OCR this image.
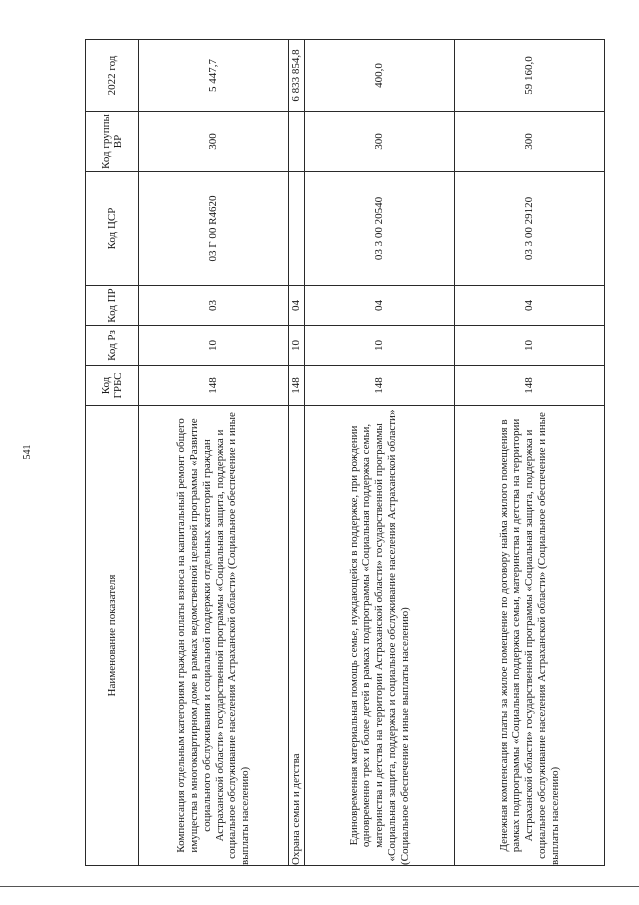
541
Наименование показателя	Код ГРБС	Код Рз	Код ПР	Код ЦСР	Код группы ВР	2022 год
Компенсация отдельным категориям граждан оплаты взноса на капитальный ремонт общего имущества в многоквартирном доме в рамках ведомственной целевой программы «Развитие социального обслуживания и социальной поддержки отдельных категорий граждан Астраханской области» государственной программы «Социальная защита, поддержка и социальное обслуживание населения Астраханской области» (Социальное обеспечение и иные выплаты населению)	148	10	03	03 Г 00 R4620	300	5 447,7
Охрана семьи и детства	148	10	04			6 833 854,8
Единовременная материальная помощь семье, нуждающейся в поддержке, при рождении одновременно трех и более детей в рамках подпрограммы «Социальная поддержка семьи, материнства и детства на территории Астраханской области» государственной программы «Социальная защита, поддержка и социальное обслуживание населения Астраханской области» (Социальное обеспечение и иные выплаты населению)	148	10	04	03 3 00 20540	300	400,0
Денежная компенсация платы за жилое помещение по договору найма жилого помещения в рамках подпрограммы «Социальная поддержка семьи, материнства и детства на территории Астраханской области» государственной программы «Социальная защита, поддержка и социальное обслуживание населения Астраханской области» (Социальное обеспечение и иные выплаты населению)	148	10	04	03 3 00 29120	300	59 160,0
